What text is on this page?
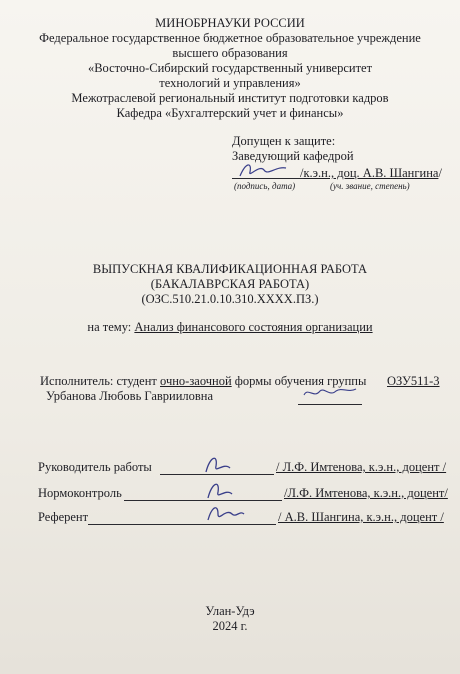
МИНОБРНАУКИ РОССИИ
Федеральное государственное бюджетное образовательное учреждение
высшего образования
«Восточно-Сибирский государственный университет
технологий и управления»
Межотраслевой региональный институт подготовки кадров
Кафедра «Бухгалтерский учет и финансы»
Допущен к защите:
Заведующий кафедрой
/к.э.н., доц. А.В. Шангина/
(подпись, дата)	(уч. звание, степень)
ВЫПУСКНАЯ КВАЛИФИКАЦИОННАЯ РАБОТА
(БАКАЛАВРСКАЯ РАБОТА)
(ОЗС.510.21.0.10.310.ХХХХ.ПЗ.)
на тему: Анализ финансового состояния организации
Исполнитель: студент очно-заочной формы обучения группы ОЗУ511-3
Урбанова Любовь Гаврииловна
Руководитель работы	/ Л.Ф. Имтенова, к.э.н., доцент /
Нормоконтроль	/Л.Ф. Имтенова, к.э.н., доцент/
Референт	/ А.В. Шангина, к.э.н., доцент /
Улан-Удэ
2024 г.
